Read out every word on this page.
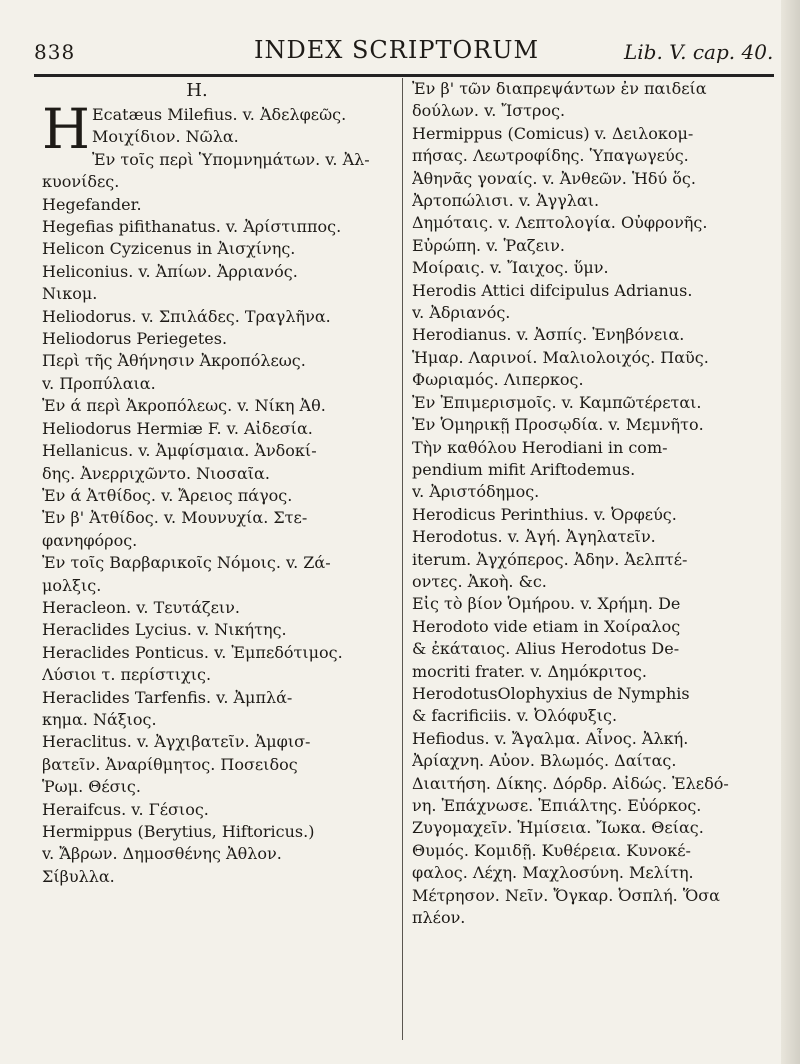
838	INDEX SCRIPTORUM	Lib. V. cap. 40.
H.
H Ecatæus Milefius. v. Ἀδελφεῶς.
Μοιχίδιον. Νῶλα.
Ἐν τοῖς περὶ Ὑπομνημάτων. v. Ἀλ-
κυονίδες.
Hegefander.
Hegefias pifithanatus. v. Ἀρίστιππος.
Helicon Cyzicenus in Ἀισχίνης.
Heliconius. v. Ἀπίων. Ἀρριανός.
Νικομ.
Heliodorus. v. Σπιλάδες. Τραγλῆνα.
Heliodorus Periegetes.
Περὶ τῆς Ἀθήνησιν Ἀκροπόλεως.
v. Προπύλαια.
Ἐν ά περὶ Ἀκροπόλεως. v. Νίκη Ἀθ.
Heliodorus Hermiæ F. v. Αἰδεσία.
Hellanicus. v. Ἀμφίσμαια. Ἀνδοκί-
δης. Ἀνερριχῶντο. Νιοσαῖα.
Ἐν ά Ἀτθίδος. v. Ἄρειος πάγος.
Ἐν β' Ἀτθίδος. v. Μουνυχία. Στε-
φανηφόρος.
Ἐν τοῖς Βαρβαρικοῖς Νόμοις. v. Ζά-
μολξις.
Heracleon. v. Τευτάζειν.
Heraclides Lycius. v. Νικήτης.
Heraclides Ponticus. v. Ἐμπεδότιμος.
Λύσιοι τ. περίστιχις.
Heraclides Tarfenfis. v. Ἀμπλά-
κημα. Νάξιος.
Heraclitus. v. Ἀγχιβατεῖν. Ἀμφισ-
βατεῖν. Ἀναρίθμητος. Ποσειδος
Ῥωμ. Θέσις.
Heraifcus. v. Γέσιος.
Hermippus (Berytius, Hiftoricus.)
v. Ἄβρων. Δημοσθένης Ἀθλον.
Σίβυλλα.
Ἐν β' τῶν διαπρεψάντων ἐν παιδεία
δούλων. v. Ἴστρος.
Hermippus (Comicus) v. Δειλοκομ-
πήσας. Λεωτροφίδης. Ὑπαγωγεύς.
Ἀθηνᾶς γοναίς. v. Ἀνθεῶν. Ἡδύ ὅς.
Ἀρτοπώλισι. v. Ἀγγλαι.
Δημόταις. v. Λεπτολογία. Οὐφρονῆς.
Εὐρώπη. v. Ῥαζειν.
Μοίραις. v. Ἴαιχος. ὕμν.
Herodis Attici difcipulus Adrianus.
v. Ἀδριανός.
Herodianus. v. Ἀσπίς. Ἐνηβόνεια.
Ἡμαρ. Λαρινοί. Μαλιολοιχός. Παῦς.
Φωριαμός. Λιπερκος.
Ἐν Ἐπιμερισμοῖς. v. Καμπῶτέρεται.
Ἐν Ὁμηρικῇ Προσῳδία. v. Μεμνῆτο.
Τὴν καθόλου Herodiani in com-
pendium mifit Ariftodemus.
v. Ἀριστόδημος.
Herodicus Perinthius. v. Ὀρφεύς.
Herodotus. v. Ἀγή. Ἀγηλατεῖν.
iterum. Ἀγχόπερος. Ἀδην. Ἀελπτέ-
οντες. Ἀκοὴ. &c.
Εἰς τὸ βίον Ὁμήρου. v. Χρήμη. De
Herodoto vide etiam in Χοίραλος
& ἐκάταιος. Alius Herodotus De-
mocriti frater. v. Δημόκριτος.
HerodotusOlophyxius de Nymphis
& facrificiis. v. Ὀλόφυξις.
Hefiodus. v. Ἄγαλμα. Αἶνος. Ἀλκή.
Ἀρίαχνη. Αὐον. Βλωμός. Δαίτας.
Διαιτήση. Δίκης. Δόρδρ. Αἰδώς. Ἐλεδό-
νη. Ἐπάχνωσε. Ἐπιάλτης. Εὐόρκος.
Ζυγομαχεῖν. Ἡμίσεια. Ἴωκα. Θείας.
Θυμός. Κομιδῇ. Κυθέρεια. Κυνοκέ-
φαλος. Λέχη. Μαχλοσύνη. Μελίτη.
Μέτρησον. Νεῖν. Ὄγκαρ. Ὀσπλή. Ὅσα
πλέον.
